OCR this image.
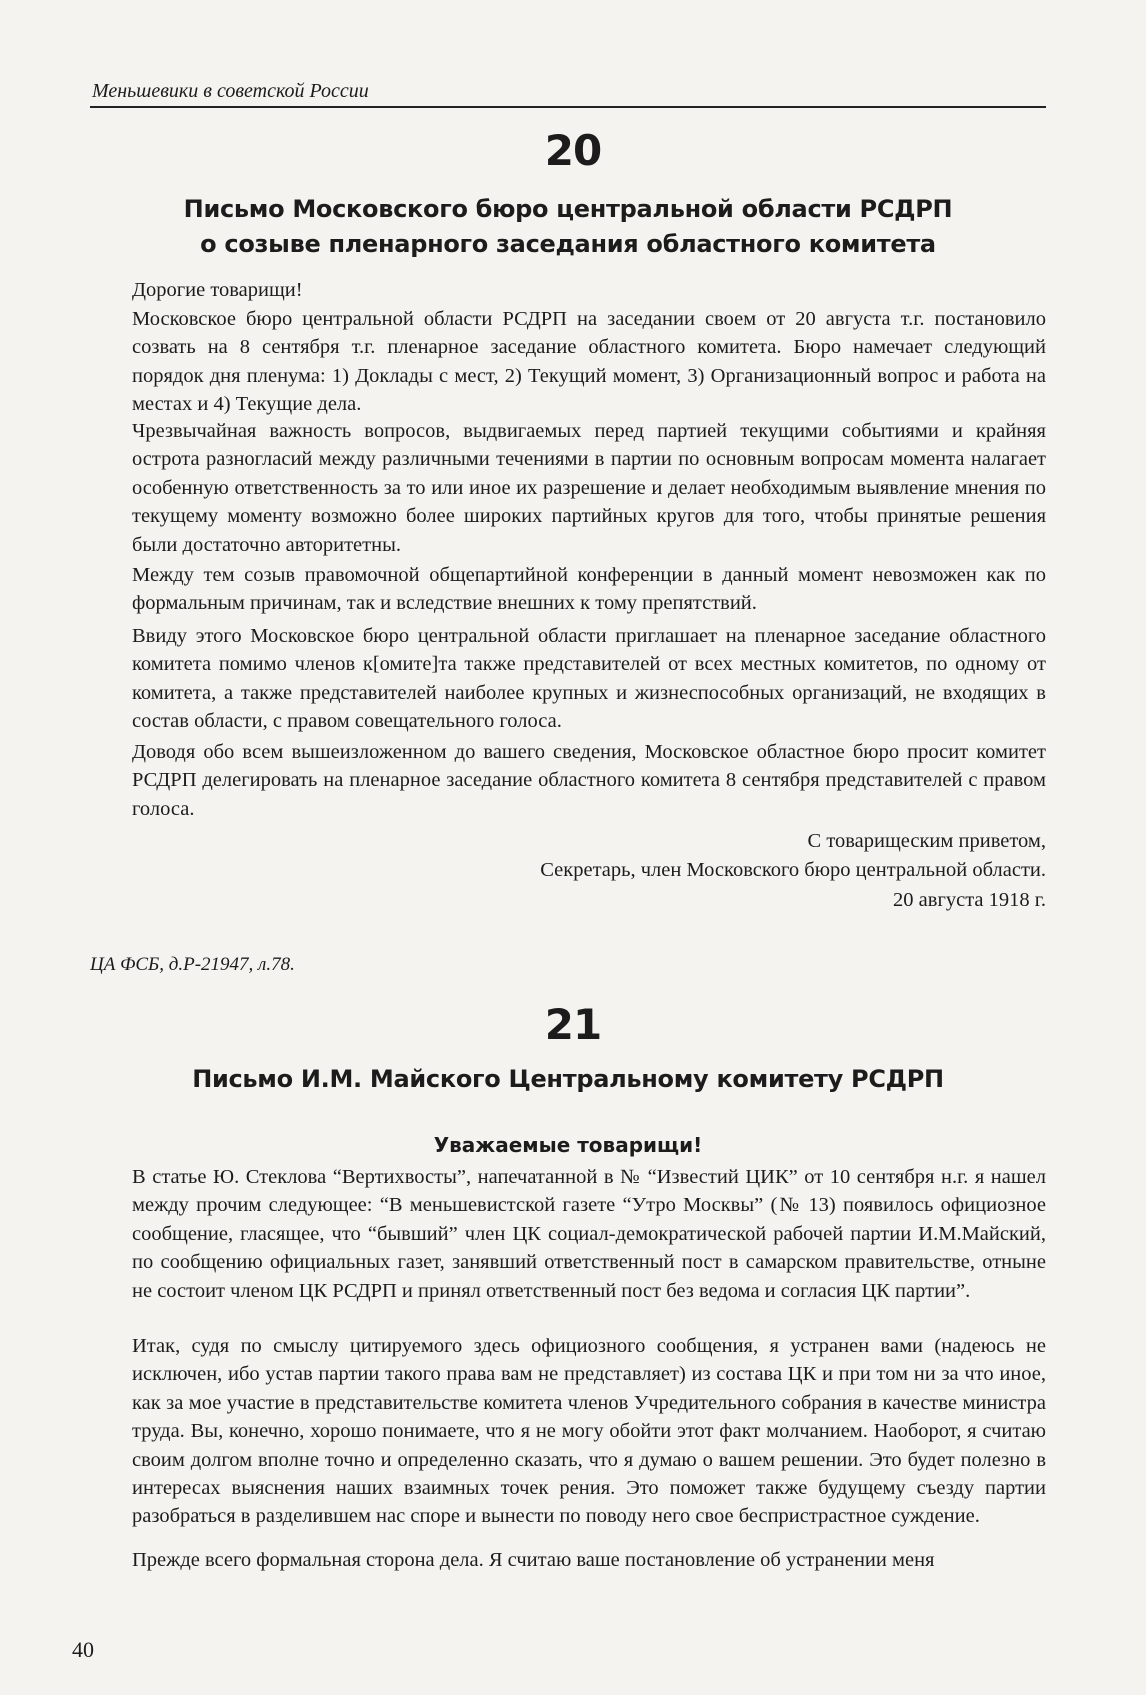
Меньшевики в советской России
20
Письмо Московского бюро центральной области РСДРП
о созыве пленарного заседания областного комитета
Дорогие товарищи!

Московское бюро центральной области РСДРП на заседании своем от 20 августа т.г. постановило созвать на 8 сентября т.г. пленарное заседание областного комитета. Бюро намечает следующий порядок дня пленума: 1) Доклады с мест, 2) Текущий момент, 3) Организационный вопрос и работа на местах и 4) Текущие дела.

Чрезвычайная важность вопросов, выдвигаемых перед партией текущими событиями и крайняя острота разногласий между различными течениями в партии по основным вопросам момента налагает особенную ответственность за то или иное их разрешение и делает необходимым выявление мнения по текущему моменту возможно более широких партийных кругов для того, чтобы принятые решения были достаточно авторитетны.

Между тем созыв правомочной общепартийной конференции в данный момент невозможен как по формальным причинам, так и вследствие внешних к тому препятствий.

Ввиду этого Московское бюро центральной области приглашает на пленарное заседание областного комитета помимо членов к[омите]та также представителей от всех местных комитетов, по одному от комитета, а также представителей наиболее крупных и жизнеспособных организаций, не входящих в состав области, с правом совещательного голоса.

Доводя обо всем вышеизложенном до вашего сведения, Московское областное бюро просит комитет РСДРП делегировать на пленарное заседание областного комитета 8 сентября представителей с правом голоса.

С товарищеским приветом,
Секретарь, член Московского бюро центральной области.
20 августа 1918 г.
ЦА ФСБ, д.Р-21947, л.78.
21
Письмо И.М. Майского Центральному комитету РСДРП
Уважаемые товарищи!

В статье Ю. Стеклова “Вертихвосты”, напечатанной в № “Известий ЦИК” от 10 сентября н.г. я нашел между прочим следующее: “В меньшевистской газете “Утро Москвы” (№ 13) появилось официозное сообщение, гласящее, что “бывший” член ЦК социал-демократической рабочей партии И.М.Майский, по сообщению официальных газет, занявший ответственный пост в самарском правительстве, отныне не состоит членом ЦК РСДРП и принял ответственный пост без ведома и согласия ЦК партии”.

Итак, судя по смыслу цитируемого здесь официозного сообщения, я устранен вами (надеюсь не исключен, ибо устав партии такого права вам не представляет) из состава ЦК и при том ни за что иное, как за мое участие в представительстве комитета членов Учредительного собрания в качестве министра труда. Вы, конечно, хорошо понимаете, что я не могу обойти этот факт молчанием. Наоборот, я считаю своим долгом вполне точно и определенно сказать, что я думаю о вашем решении. Это будет полезно в интересах выяснения наших взаимных точек рения. Это поможет также будущему съезду партии разобраться в разделившем нас споре и вынести по поводу него свое беспристрастное суждение.

Прежде всего формальная сторона дела. Я считаю ваше постановление об устранении меня

40
